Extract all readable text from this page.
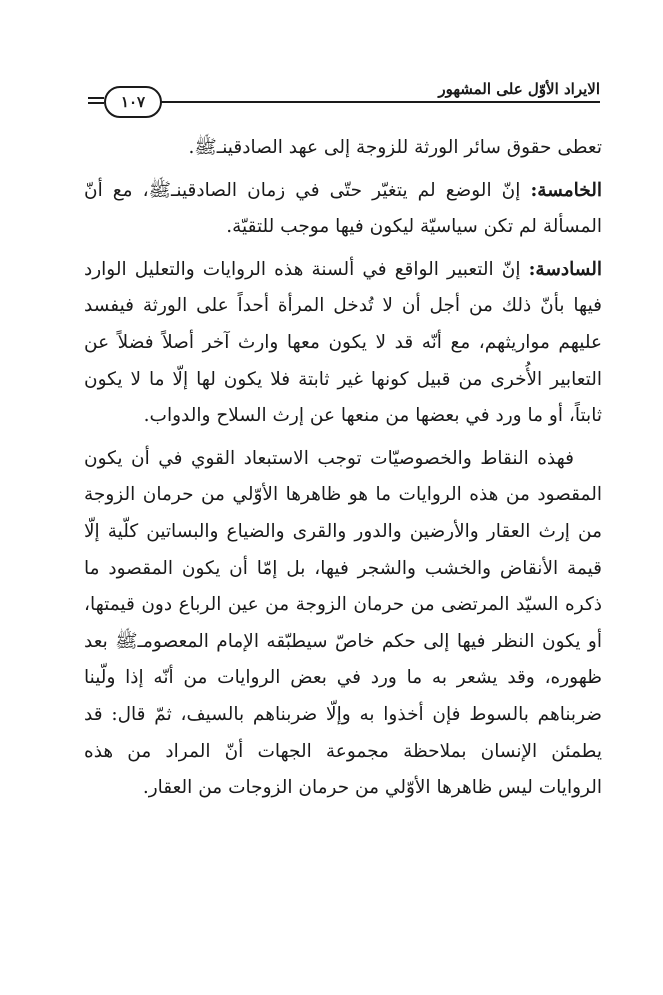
الايراد الأوّل على المشهور
١٠٧

تعطى حقوق سائر الورثة للزوجة إلى عهد الصادقينـﷺ.

الخامسة: إنّ الوضع لم يتغيّر حتّى في زمان الصادقينـﷺ، مع أنّ المسألة لم تكن سياسيّة ليكون فيها موجب للتقيّة.

السادسة: إنّ التعبير الواقع في ألسنة هذه الروايات والتعليل الوارد فيها بأنّ ذلك من أجل أن لا تُدخل المرأة أحداً على الورثة فيفسد عليهم مواريثهم، مع أنّه قد لا يكون معها وارث آخر أصلاً فضلاً عن التعابير الأُخرى من قبيل كونها غير ثابتة فلا يكون لها إلّا ما لا يكون ثابتاً، أو ما ورد في بعضها من منعها عن إرث السلاح والدواب.

فهذه النقاط والخصوصيّات توجب الاستبعاد القوي في أن يكون المقصود من هذه الروايات ما هو ظاهرها الأوّلي من حرمان الزوجة من إرث العقار والأرضين والدور والقرى والضياع والبساتين كلّية إلّا قيمة الأنقاض والخشب والشجر فيها، بل إمّا أن يكون المقصود ما ذكره السيّد المرتضى من حرمان الزوجة من عين الرباع دون قيمتها، أو يكون النظر فيها إلى حكم خاصّ سيطبّقه الإمام المعصومـﷺ بعد ظهوره، وقد يشعر به ما ورد في بعض الروايات من أنّه إذا ولّينا ضربناهم بالسوط فإن أخذوا به وإلّا ضربناهم بالسيف، ثمّ قال: قد يطمئن الإنسان بملاحظة مجموعة الجهات أنّ المراد من هذه الروايات ليس ظاهرها الأوّلي من حرمان الزوجات من العقار.
